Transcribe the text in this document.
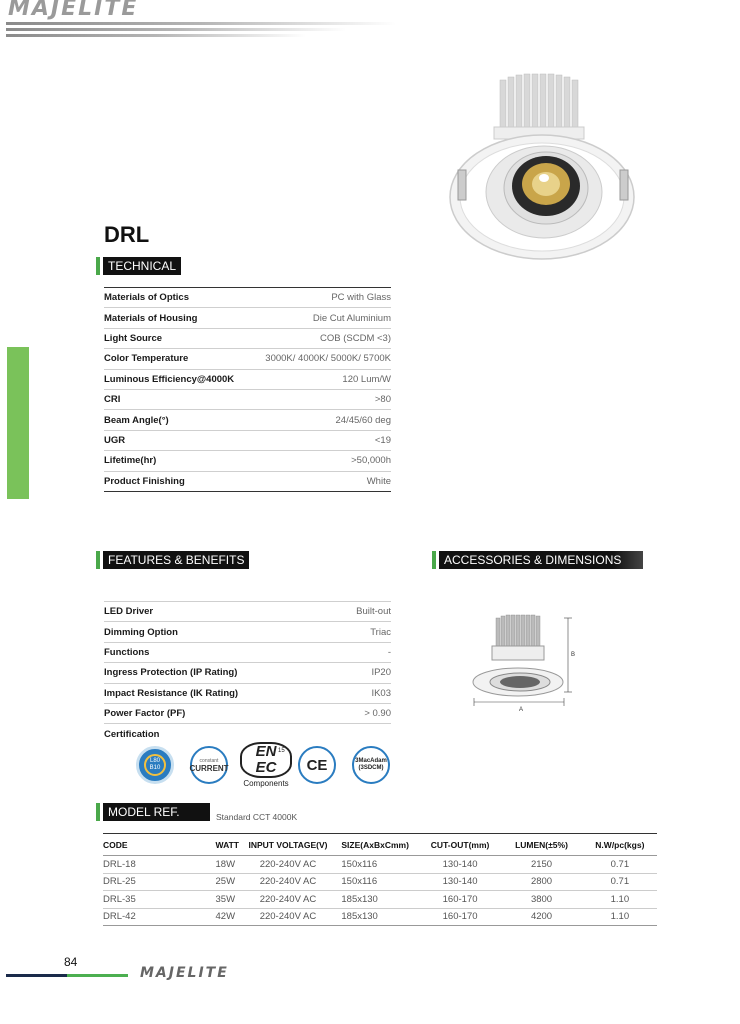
MAJELITE
DRL
TECHNICAL
Materials of Optics	PC with Glass
Materials of Housing	Die Cut Aluminium
Light Source	COB (SCDM <3)
Color Temperature	3000K/ 4000K/ 5000K/ 5700K
Luminous Efficiency@4000K	120 Lum/W
CRI	>80
Beam Angle(°)	24/45/60 deg
UGR	<19
Lifetime(hr)	>50,000h
Product Finishing	White
FEATURES & BENEFITS
LED Driver	Built-out
Dimming Option	Triac
Functions	-
Ingress Protection (IP Rating)	IP20
Impact Resistance (IK Rating)	IK03
Power Factor (PF)	> 0.90
Certification
L80
B10
constant
CURRENT
EN EC
15
Components
CE	3MacAdam
(3SDCM)
ACCESSORIES & DIMENSIONS
B
A
MODEL REF.	Standard CCT 4000K
CODE	WATT	INPUT VOLTAGE(V)	SIZE(AxBxCmm)	CUT-OUT(mm)	LUMEN(±5%)	N.W/pc(kgs)
DRL-18	18W	220-240V AC	150x116	130-140	2150	0.71
DRL-25	25W	220-240V AC	150x116	130-140	2800	0.71
DRL-35	35W	220-240V AC	185x130	160-170	3800	1.10
DRL-42	42W	220-240V AC	185x130	160-170	4200	1.10
84
MAJELITE
